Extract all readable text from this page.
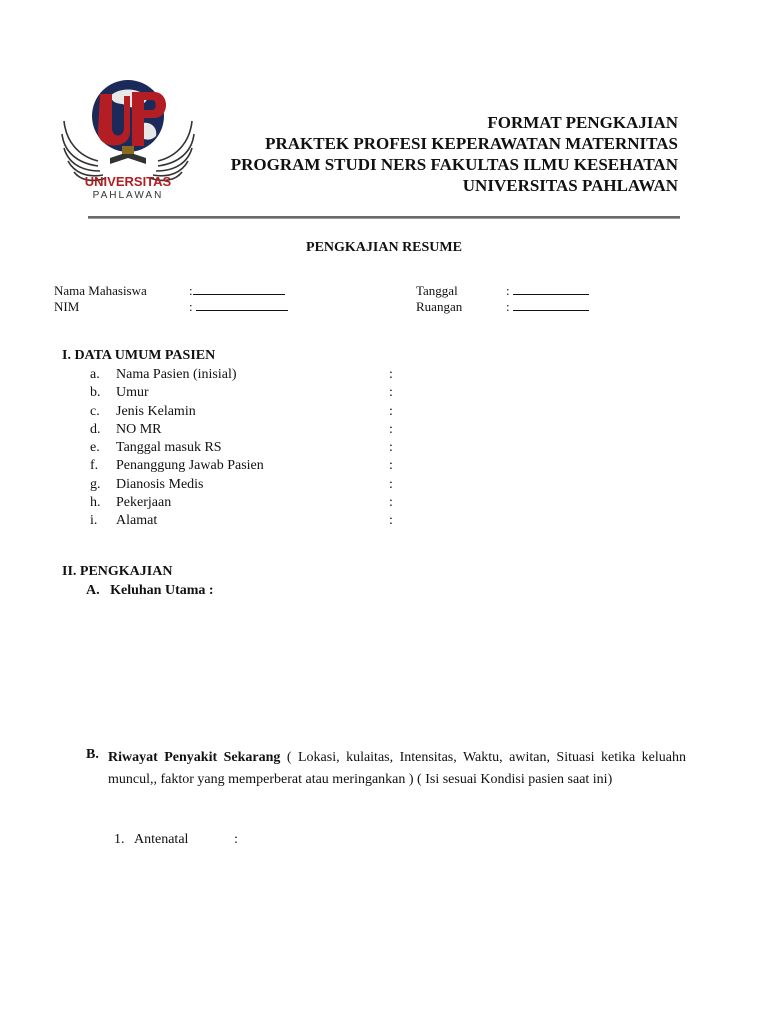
UNIVERSITAS
PAHLAWAN
FORMAT PENGKAJIAN
PRAKTEK PROFESI KEPERAWATAN MATERNITAS
PROGRAM STUDI NERS FAKULTAS ILMU KESEHATAN
UNIVERSITAS PAHLAWAN
PENGKAJIAN RESUME
Nama Mahasiswa	:
NIM	:
Tanggal	:
Ruangan	:
I. DATA UMUM PASIEN
a.	Nama Pasien (inisial)	:
b.	Umur	:
c.	Jenis Kelamin	:
d.	NO MR	:
e.	Tanggal masuk RS	:
f.	Penanggung Jawab Pasien	:
g.	Dianosis Medis	:
h.	Pekerjaan	:
i.	Alamat	:
II. PENGKAJIAN
A.   Keluhan Utama :
B. Riwayat Penyakit Sekarang ( Lokasi, kulaitas, Intensitas, Waktu, awitan, Situasi ketika keluahn muncul,, faktor yang memperberat atau meringankan ) ( Isi sesuai Kondisi pasien saat ini)
1. Antenatal	:
